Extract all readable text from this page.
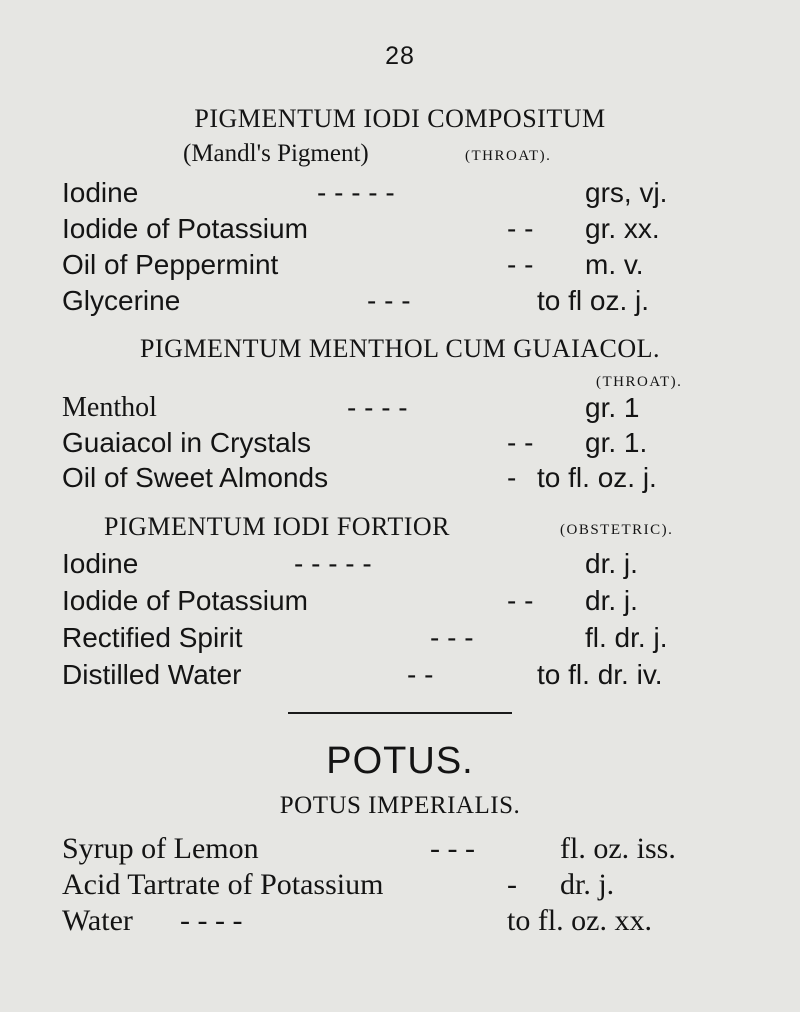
28
PIGMENTUM IODI COMPOSITUM
(Mandl's Pigment)	(THROAT).
Iodine	- - - - -	grs, vj.
Iodide of Potassium	- - gr. xx.
Oil of Peppermint	- - m. v.
Glycerine	- - -	to fl oz. j.
PIGMENTUM MENTHOL CUM GUAIACOL.
(THROAT).
Menthol	- - - -	gr. 1
Guaiacol in Crystals	- - gr. 1.
Oil of Sweet Almonds	- to fl. oz. j.
PIGMENTUM IODI FORTIOR	(OBSTETRIC).
Iodine	- - - - -	dr. j.
Iodide of Potassium	- - dr. j.
Rectified Spirit	- - -	fl. dr. j.
Distilled Water	- -	to fl. dr. iv.
POTUS.
POTUS IMPERIALIS.
Syrup of Lemon	- - -	fl. oz. iss.
Acid Tartrate of Potassium	- dr. j.
Water - - - -	to fl. oz. xx.
